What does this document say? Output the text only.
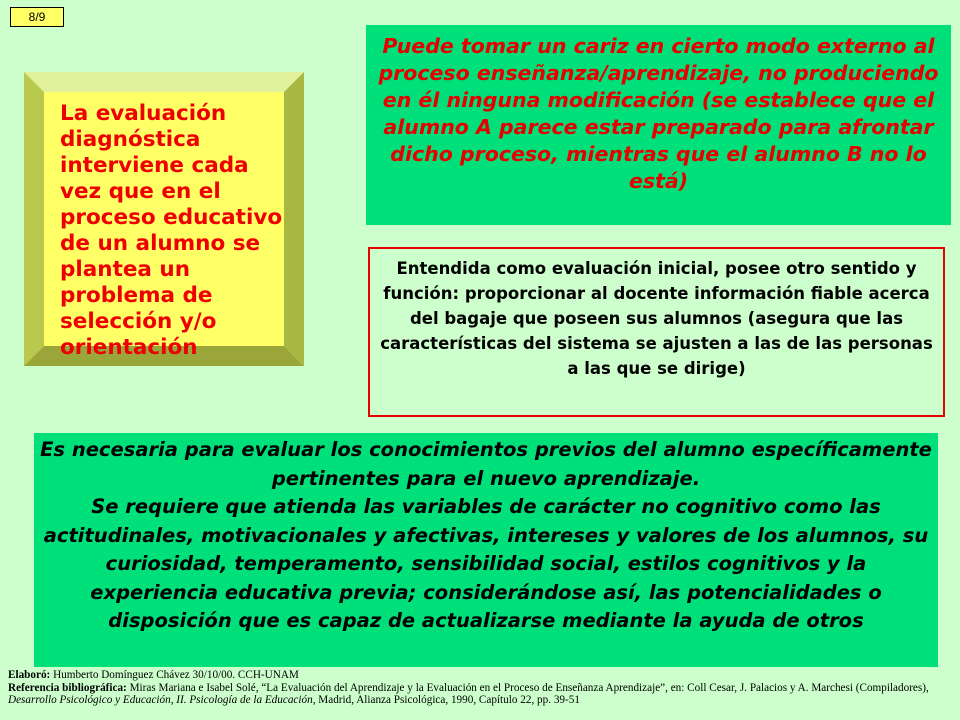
8/9
La evaluación diagnóstica interviene cada vez que en el proceso educativo de un alumno se plantea un problema de selección y/o orientación
Puede tomar un cariz en cierto modo externo al proceso enseñanza/aprendizaje, no produciendo en él ninguna modificación (se establece que el alumno A parece estar preparado para afrontar dicho proceso, mientras que el alumno B no lo está)
Entendida como evaluación inicial, posee otro sentido y función: proporcionar al docente información fiable acerca del bagaje que poseen sus alumnos (asegura que las características del sistema se ajusten a las de las personas a las que se dirige)
Es necesaria para evaluar los conocimientos previos del alumno específicamente pertinentes para el nuevo aprendizaje.
Se requiere que atienda las variables de carácter no cognitivo como las actitudinales, motivacionales y afectivas, intereses y valores de los alumnos, su curiosidad, temperamento, sensibilidad social, estilos cognitivos y la experiencia educativa previa; considerándose así, las potencialidades o disposición que es capaz de actualizarse mediante la ayuda de otros
Elaboró: Humberto Domínguez Chávez 30/10/00. CCH-UNAM
Referencia bibliográfica: Miras Mariana e Isabel Solé, “La Evaluación del Aprendizaje y la Evaluación en el Proceso de Enseñanza Aprendizaje”, en: Coll Cesar, J. Palacios y A. Marchesi (Compiladores), Desarrollo Psicológico y Educación, II. Psicología de la Educación, Madrid, Alianza Psicológica, 1990, Capítulo 22, pp. 39-51
